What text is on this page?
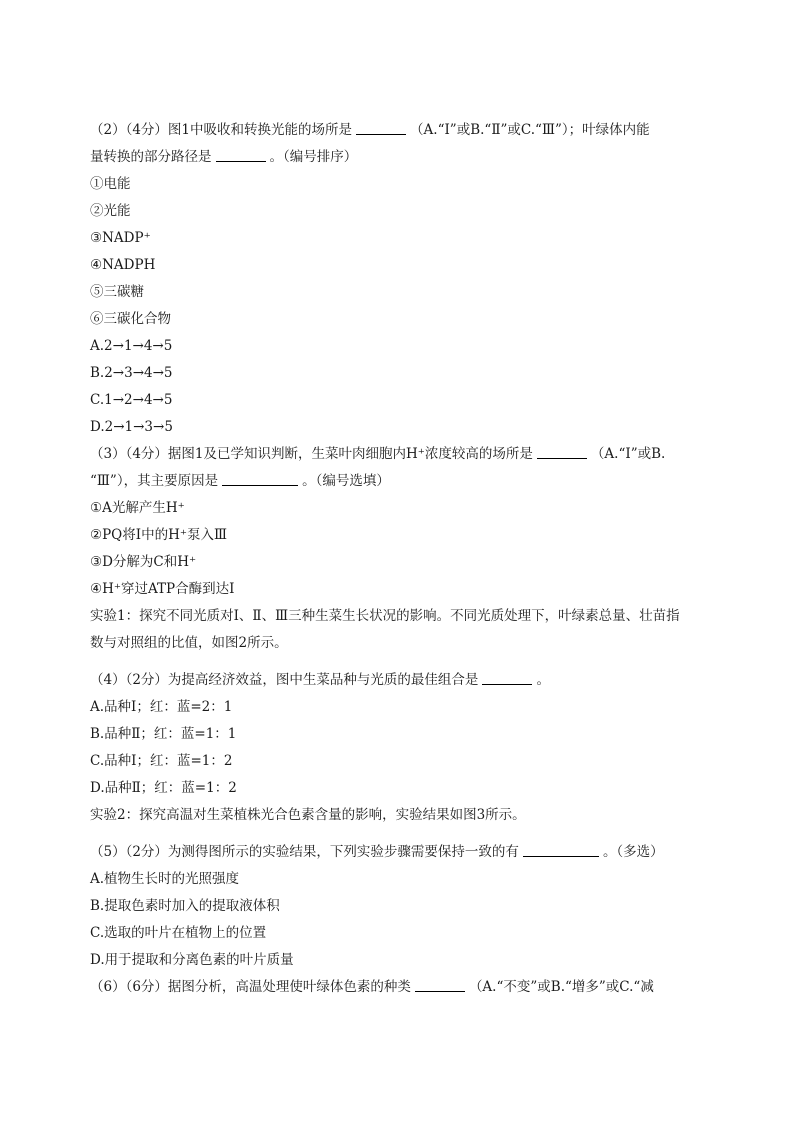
（2）（4分）图1中吸收和转换光能的场所是	（A.“Ⅰ”或B.“Ⅱ”或C.“Ⅲ”）；叶绿体内能
量转换的部分路径是	。（编号排序）
①电能
②光能
③NADP⁺
④NADPH
⑤三碳糖
⑥三碳化合物
A.2→1→4→5
B.2→3→4→5
C.1→2→4→5
D.2→1→3→5
（3）（4分）据图1及已学知识判断，生菜叶肉细胞内H⁺浓度较高的场所是	（A.“Ⅰ”或B.
“Ⅲ”），其主要原因是	。（编号选填）
①A光解产生H⁺
②PQ将Ⅰ中的H⁺泵入Ⅲ
③D分解为C和H⁺
④H⁺穿过ATP合酶到达Ⅰ
实验1：探究不同光质对Ⅰ、Ⅱ、Ⅲ三种生菜生长状况的影响。不同光质处理下，叶绿素总量、壮苗指
数与对照组的比值，如图2所示。
（4）（2分）为提高经济效益，图中生菜品种与光质的最佳组合是	。
A.品种Ⅰ；红：蓝=2：1
B.品种Ⅱ；红：蓝=1：1
C.品种Ⅰ；红：蓝=1：2
D.品种Ⅱ；红：蓝=1：2
实验2：探究高温对生菜植株光合色素含量的影响，实验结果如图3所示。
（5）（2分）为测得图所示的实验结果，下列实验步骤需要保持一致的有	。（多选）
A.植物生长时的光照强度
B.提取色素时加入的提取液体积
C.选取的叶片在植物上的位置
D.用于提取和分离色素的叶片质量
（6）（6分）据图分析，高温处理使叶绿体色素的种类	（A.“不变”或B.“增多”或C.“减
